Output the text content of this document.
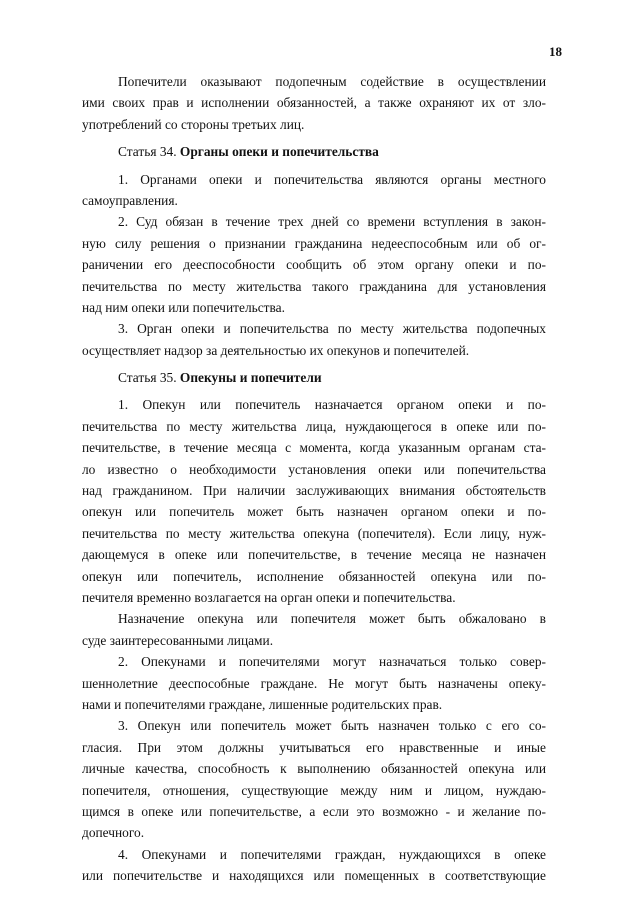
18
Попечители оказывают подопечным содействие в осуществлении
ими своих прав и исполнении обязанностей, а также охраняют их от зло-
употреблений со стороны третьих лиц.
Статья 34. Органы опеки и попечительства
1. Органами опеки и попечительства являются органы местного
самоуправления.
2. Суд обязан в течение трех дней со времени вступления в закон-
ную силу решения о признании гражданина недееспособным или об ог-
раничении его дееспособности сообщить об этом органу опеки и по-
печительства по месту жительства такого гражданина для установления
над ним опеки или попечительства.
3. Орган опеки и попечительства по месту жительства подопечных
осуществляет надзор за деятельностью их опекунов и попечителей.
Статья 35. Опекуны и попечители
1. Опекун или попечитель назначается органом опеки и по-
печительства по месту жительства лица, нуждающегося в опеке или по-
печительстве, в течение месяца с момента, когда указанным органам ста-
ло известно о необходимости установления опеки или попечительства
над гражданином. При наличии заслуживающих внимания обстоятельств
опекун или попечитель может быть назначен органом опеки и по-
печительства по месту жительства опекуна (попечителя). Если лицу, нуж-
дающемуся в опеке или попечительстве, в течение месяца не назначен
опекун или попечитель, исполнение обязанностей опекуна или по-
печителя временно возлагается на орган опеки и попечительства.
Назначение опекуна или попечителя может быть обжаловано в
суде заинтересованными лицами.
2. Опекунами и попечителями могут назначаться только совер-
шеннолетние дееспособные граждане. Не могут быть назначены опеку-
нами и попечителями граждане, лишенные родительских прав.
3. Опекун или попечитель может быть назначен только с его со-
гласия. При этом должны учитываться его нравственные и иные
личные качества, способность к выполнению обязанностей опекуна или
попечителя, отношения, существующие между ним и лицом, нуждаю-
щимся в опеке или попечительстве, а если это возможно - и желание по-
допечного.
4. Опекунами и попечителями граждан, нуждающихся в опеке
или попечительстве и находящихся или помещенных в соответствующие
